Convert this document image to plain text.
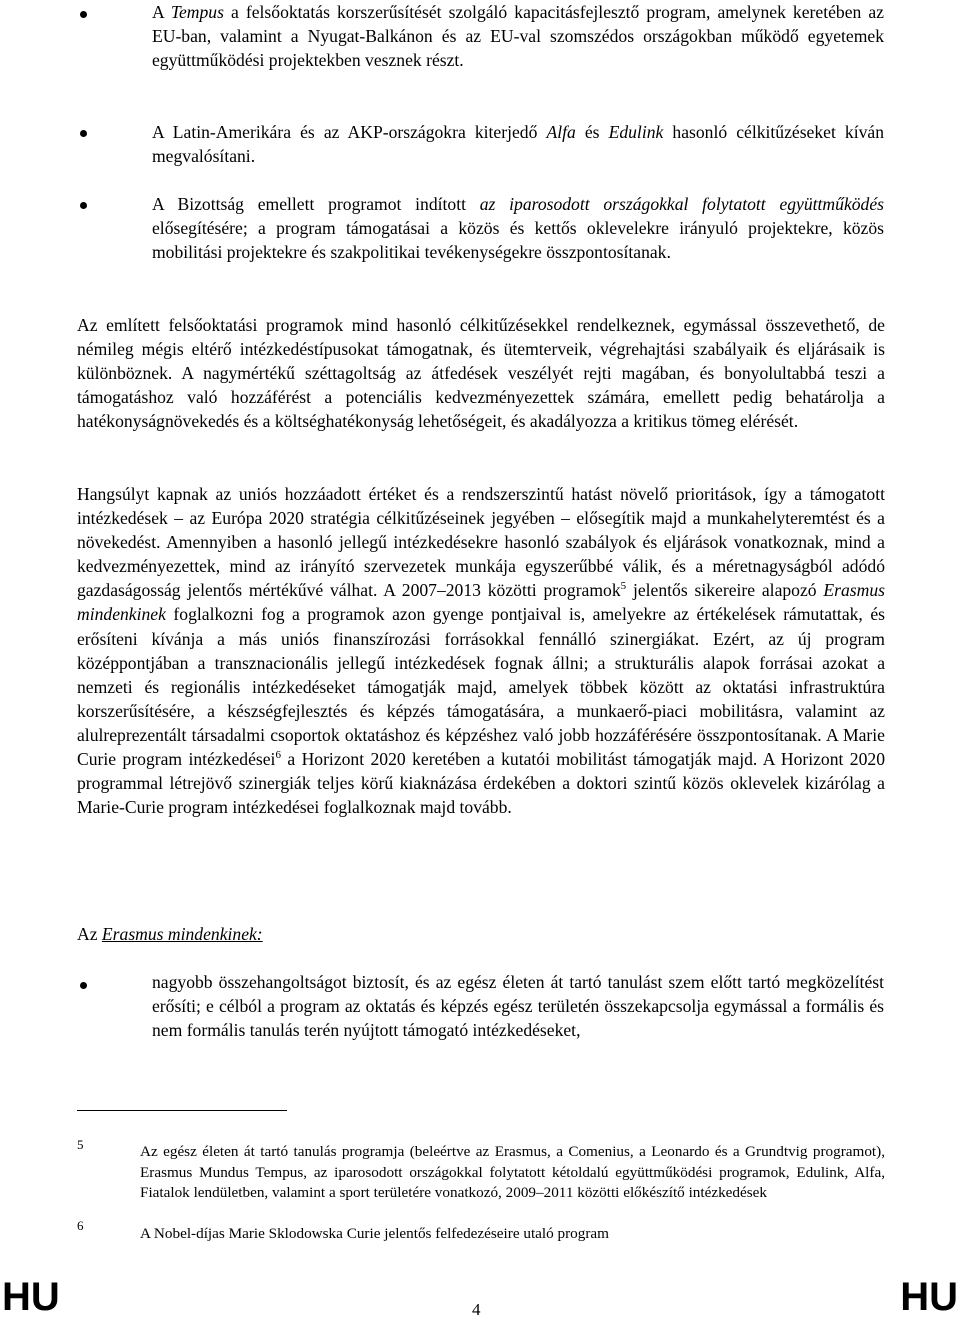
A Tempus a felsőoktatás korszerűsítését szolgáló kapacitásfejlesztő program, amelynek keretében az EU-ban, valamint a Nyugat-Balkánon és az EU-val szomszédos országokban működő egyetemek együttműködési projektekben vesznek részt.
A Latin-Amerikára és az AKP-országokra kiterjedő Alfa és Edulink hasonló célkitűzéseket kíván megvalósítani.
A Bizottság emellett programot indított az iparosodott országokkal folytatott együttműködés elősegítésére; a program támogatásai a közös és kettős oklevelekre irányuló projektekre, közös mobilitási projektekre és szakpolitikai tevékenységekre összpontosítanak.

Az említett felsőoktatási programok mind hasonló célkitűzésekkel rendelkeznek, egymással összevethető, de némileg mégis eltérő intézkedéstípusokat támogatnak, és ütemterveik, végrehajtási szabályaik és eljárásaik is különböznek. A nagymértékű széttagoltság az átfedések veszélyét rejti magában, és bonyolultabbá teszi a támogatáshoz való hozzáférést a potenciális kedvezményezettek számára, emellett pedig behatárolja a hatékonyságnövekedés és a költséghatékonyság lehetőségeit, és akadályozza a kritikus tömeg elérését.

Hangsúlyt kapnak az uniós hozzáadott értéket és a rendszerszintű hatást növelő prioritások, így a támogatott intézkedések – az Európa 2020 stratégia célkitűzéseinek jegyében – elősegítik majd a munkahelyteremtést és a növekedést. Amennyiben a hasonló jellegű intézkedésekre hasonló szabályok és eljárások vonatkoznak, mind a kedvezményezettek, mind az irányító szervezetek munkája egyszerűbbé válik, és a méretnagyságból adódó gazdaságosság jelentős mértékűvé válhat. A 2007–2013 közötti programok$^5$ jelentős sikereire alapozó Erasmus mindenkinek foglalkozni fog a programok azon gyenge pontjaival is, amelyekre az értékelések rámutattak, és erősíteni kívánja a más uniós finanszírozási forrásokkal fennálló szinergiákat. Ezért, az új program középpontjában a transznacionális jellegű intézkedések fognak állni; a strukturális alapok forrásai azokat a nemzeti és regionális intézkedéseket támogatják majd, amelyek többek között az oktatási infrastruktúra korszerűsítésére, a készségfejlesztés és képzés támogatására, a munkaerő-piaci mobilitásra, valamint az alulreprezentált társadalmi csoportok oktatáshoz és képzéshez való jobb hozzáférésére összpontosítanak. A Marie Curie program intézkedései$^6$ a Horizont 2020 keretében a kutatói mobilitást támogatják majd. A Horizont 2020 programmal létrejövő szinergiák teljes körű kiaknázása érdekében a doktori szintű közös oklevelek kizárólag a Marie-Curie program intézkedései foglalkoznak majd tovább.

Az Erasmus mindenkinek:

nagyobb összehangoltságot biztosít, és az egész életen át tartó tanulást szem előtt tartó megközelítést erősíti; e célból a program az oktatás és képzés egész területén összekapcsolja egymással a formális és nem formális tanulás terén nyújtott támogató intézkedéseket,
5	Az egész életen át tartó tanulás programja (beleértve az Erasmus, a Comenius, a Leonardo és a Grundtvig programot), Erasmus Mundus Tempus, az iparosodott országokkal folytatott kétoldalú együttműködési programok, Edulink, Alfa, Fiatalok lendületben, valamint a sport területére vonatkozó, 2009–2011 közötti előkészítő intézkedések
6	A Nobel-díjas Marie Sklodowska Curie jelentős felfedezéseire utaló program
HU	4	HU
